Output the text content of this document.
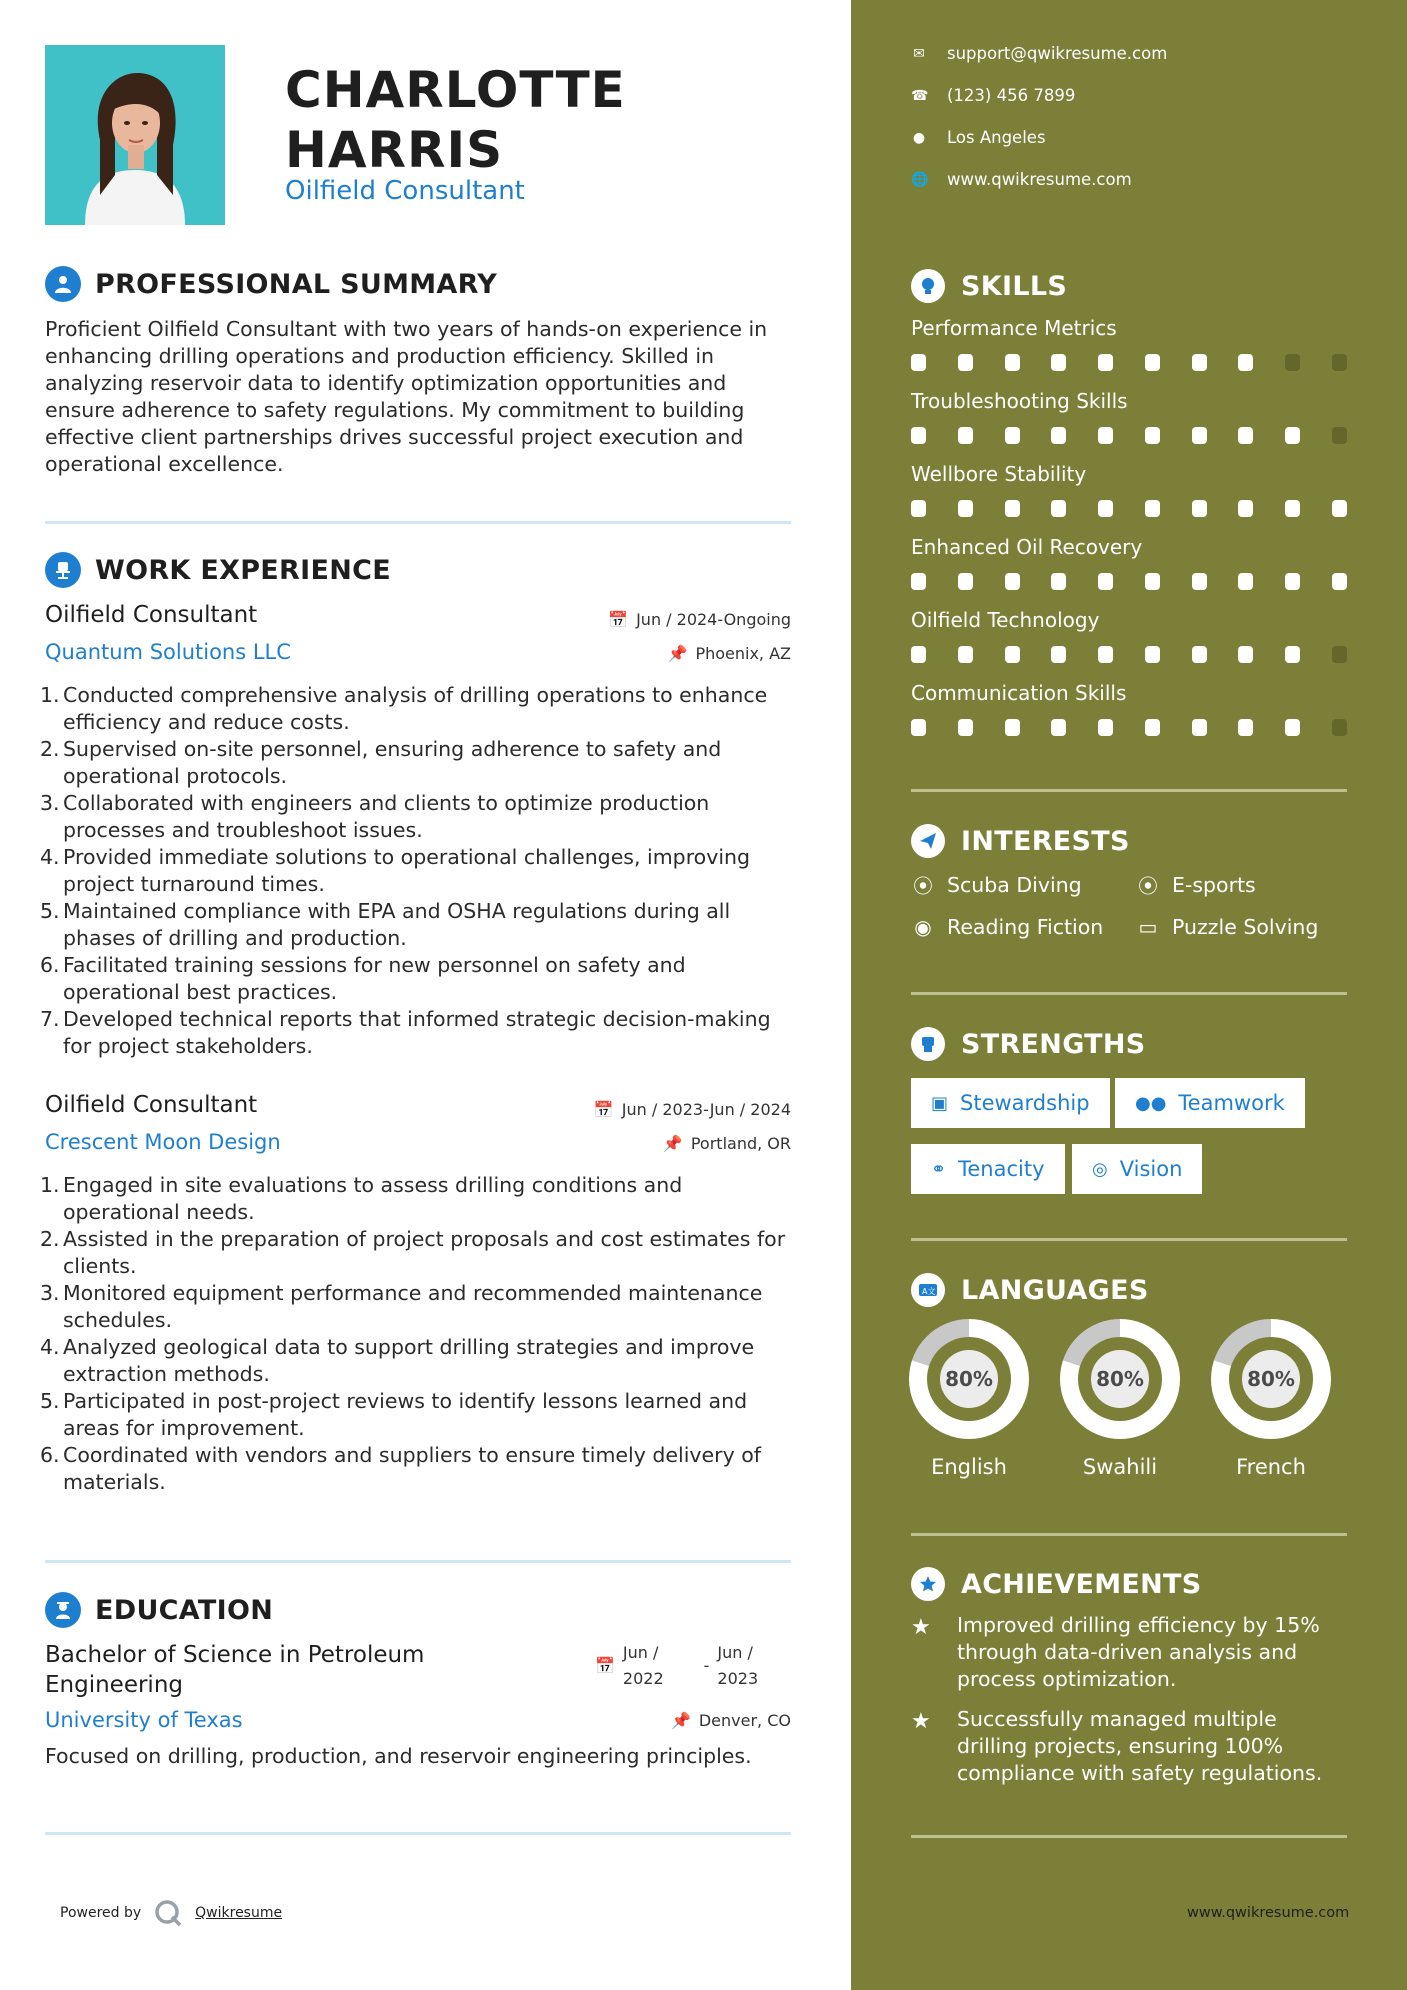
CHARLOTTE
HARRIS
Oilfield Consultant
PROFESSIONAL SUMMARY
Proficient Oilfield Consultant with two years of hands-on experience in enhancing drilling operations and production efficiency. Skilled in analyzing reservoir data to identify optimization opportunities and ensure adherence to safety regulations. My commitment to building effective client partnerships drives successful project execution and operational excellence.
WORK EXPERIENCE
Oilfield Consultant	📅 Jun / 2024-Ongoing
Quantum Solutions LLC	📌 Phoenix, AZ
1. Conducted comprehensive analysis of drilling operations to enhance efficiency and reduce costs.
2. Supervised on-site personnel, ensuring adherence to safety and operational protocols.
3. Collaborated with engineers and clients to optimize production processes and troubleshoot issues.
4. Provided immediate solutions to operational challenges, improving project turnaround times.
5. Maintained compliance with EPA and OSHA regulations during all phases of drilling and production.
6. Facilitated training sessions for new personnel on safety and operational best practices.
7. Developed technical reports that informed strategic decision-making for project stakeholders.
Oilfield Consultant	📅 Jun / 2023-Jun / 2024
Crescent Moon Design	📌 Portland, OR
1. Engaged in site evaluations to assess drilling conditions and operational needs.
2. Assisted in the preparation of project proposals and cost estimates for clients.
3. Monitored equipment performance and recommended maintenance schedules.
4. Analyzed geological data to support drilling strategies and improve extraction methods.
5. Participated in post-project reviews to identify lessons learned and areas for improvement.
6. Coordinated with vendors and suppliers to ensure timely delivery of materials.
EDUCATION
Bachelor of Science in Petroleum Engineering
📅
Jun /
2022
-
Jun /
2023
University of Texas	📌 Denver, CO
Focused on drilling, production, and reservoir engineering principles.
Powered by	Qwikresume
✉ support@qwikresume.com
☎ (123) 456 7899
● Los Angeles
🌐 www.qwikresume.com
SKILLS
Performance Metrics
Troubleshooting Skills
Wellbore Stability
Enhanced Oil Recovery
Oilfield Technology
Communication Skills
INTERESTS
⦿ Scuba Diving	⦿ E-sports
◉ Reading Fiction ▭ Puzzle Solving
STRENGTHS
▣ Stewardship	●● Teamwork
⚭ Tenacity	◎ Vision
A文 LANGUAGES
80%
English
80%
Swahili
80%
French
ACHIEVEMENTS
★	Improved drilling efficiency by 15% through data-driven analysis and process optimization.
★	Successfully managed multiple drilling projects, ensuring 100% compliance with safety regulations.
www.qwikresume.com
